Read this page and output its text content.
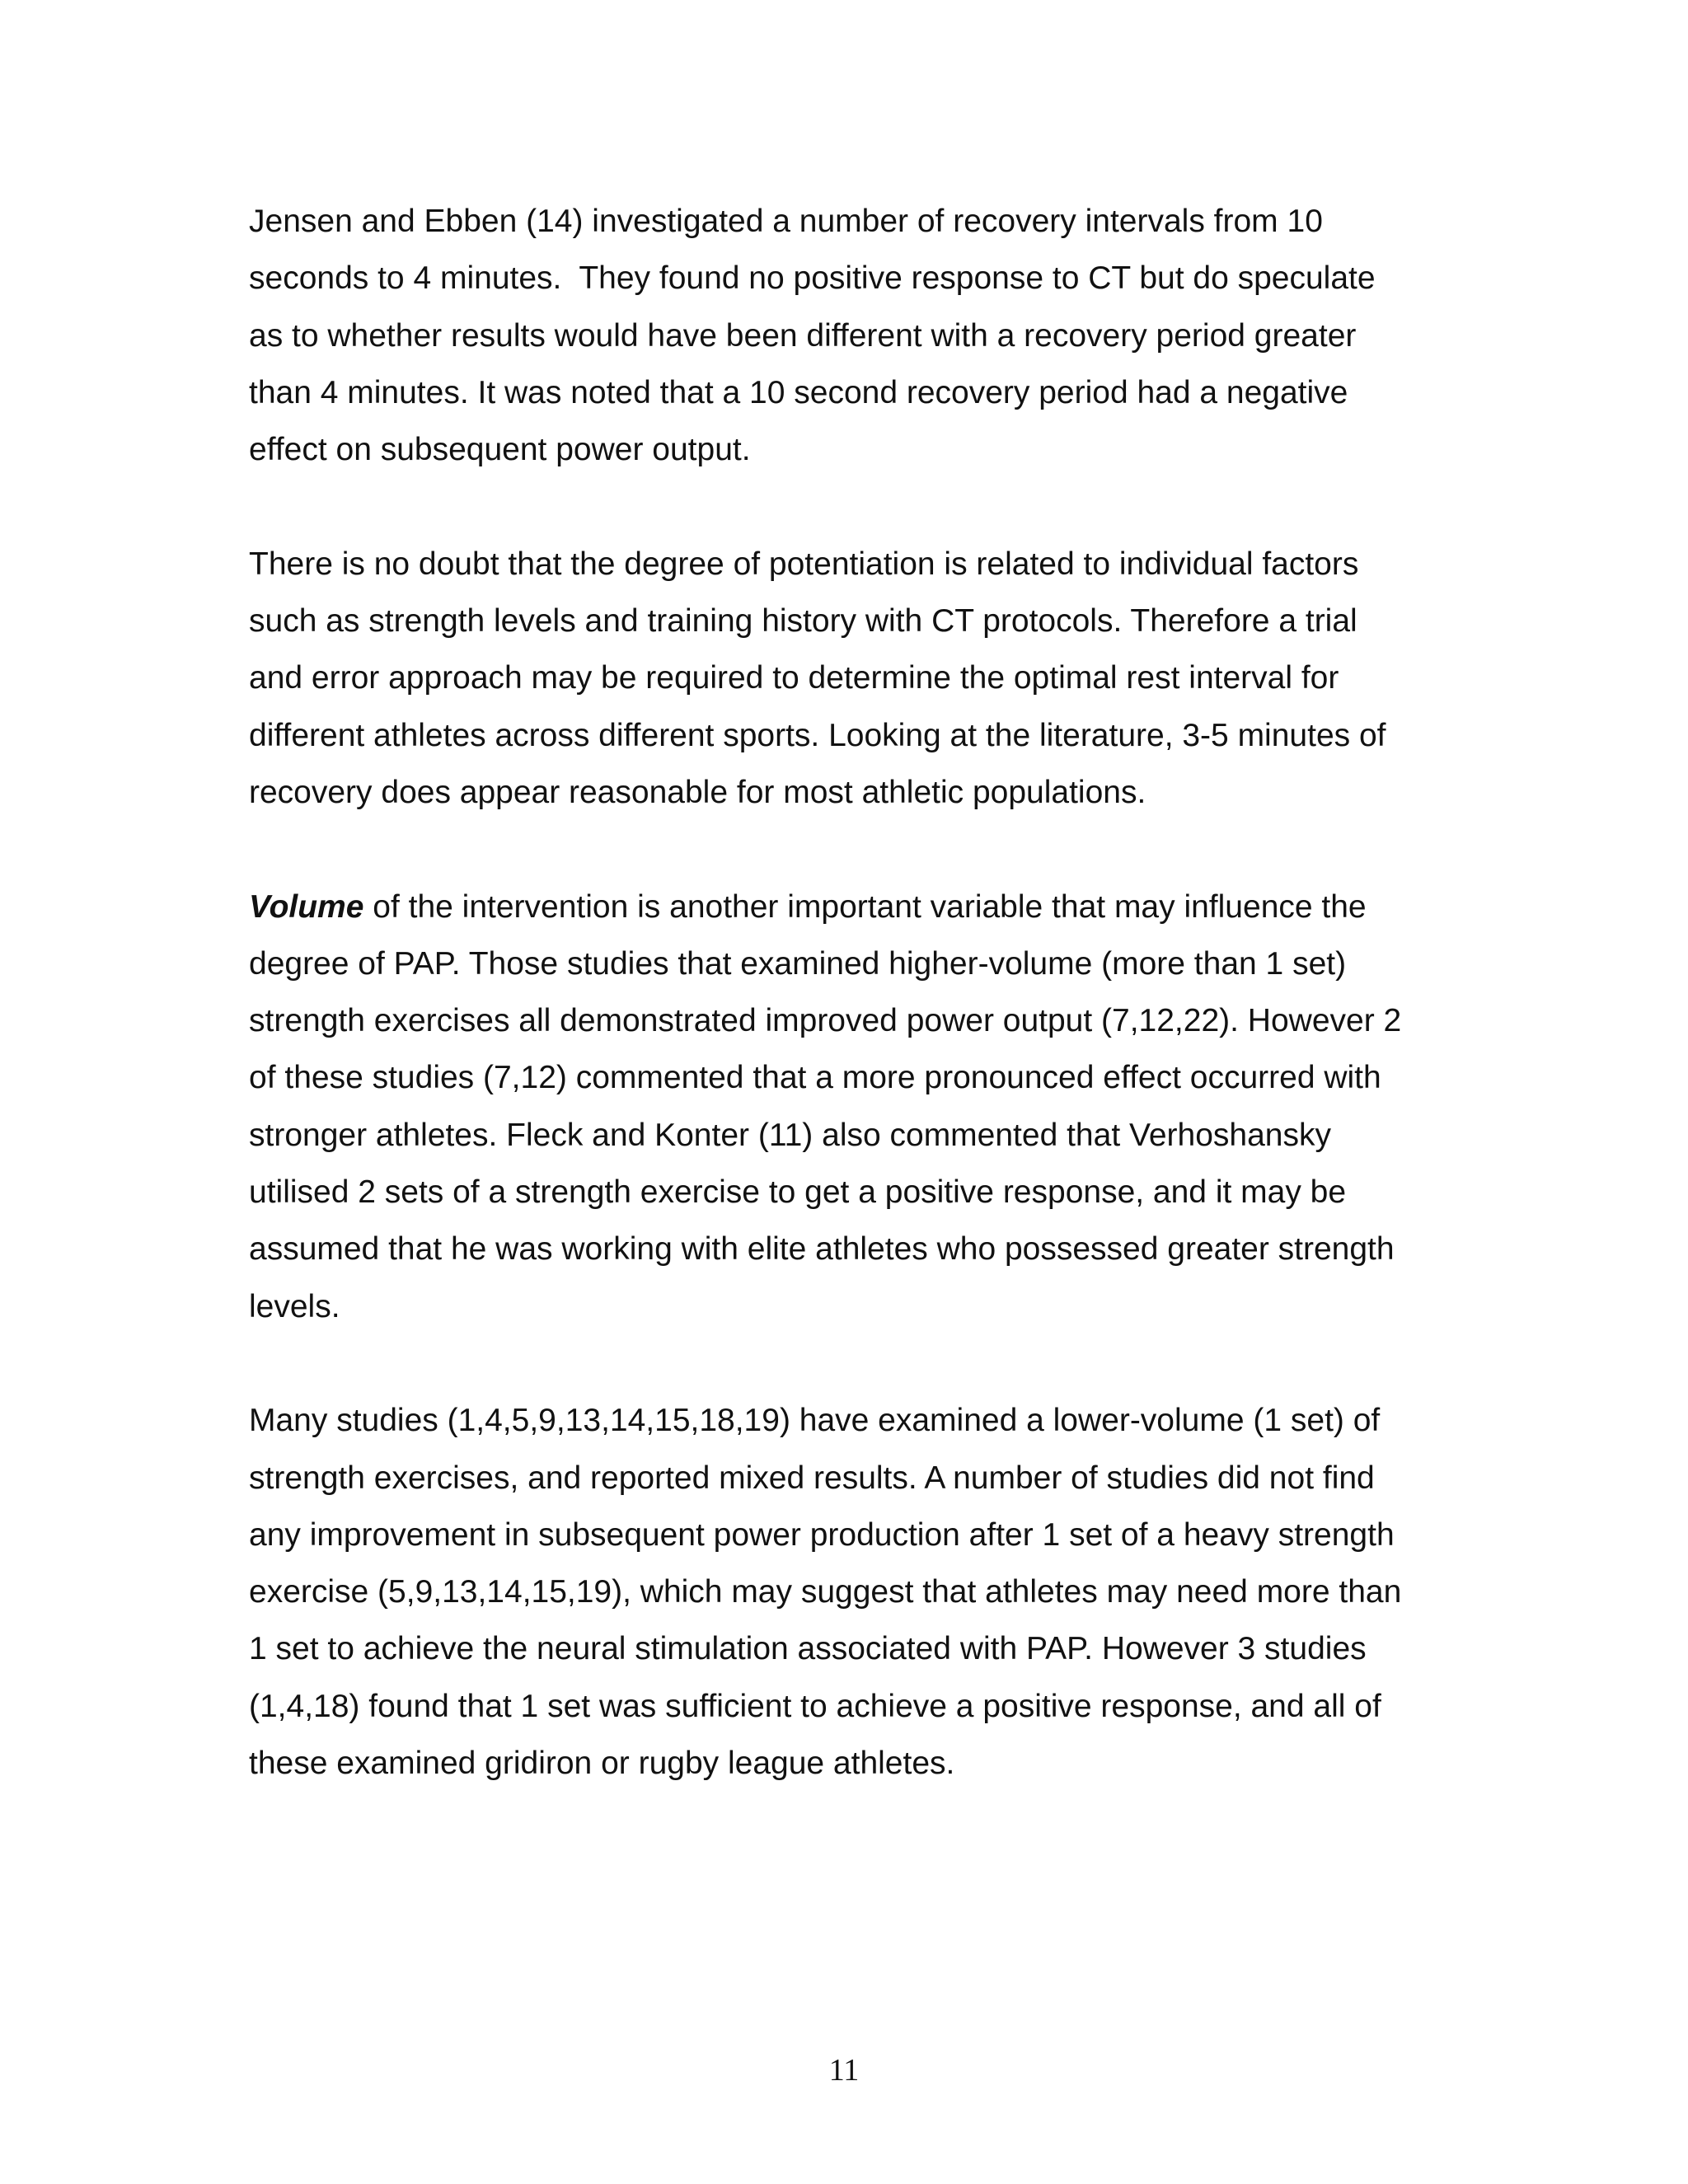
Jensen and Ebben (14) investigated a number of recovery intervals from 10
seconds to 4 minutes.  They found no positive response to CT but do speculate
as to whether results would have been different with a recovery period greater
than 4 minutes. It was noted that a 10 second recovery period had a negative
effect on subsequent power output.

There is no doubt that the degree of potentiation is related to individual factors
such as strength levels and training history with CT protocols. Therefore a trial
and error approach may be required to determine the optimal rest interval for
different athletes across different sports. Looking at the literature, 3-5 minutes of
recovery does appear reasonable for most athletic populations.

Volume of the intervention is another important variable that may influence the
degree of PAP. Those studies that examined higher-volume (more than 1 set)
strength exercises all demonstrated improved power output (7,12,22). However 2
of these studies (7,12) commented that a more pronounced effect occurred with
stronger athletes. Fleck and Konter (11) also commented that Verhoshansky
utilised 2 sets of a strength exercise to get a positive response, and it may be
assumed that he was working with elite athletes who possessed greater strength
levels.

Many studies (1,4,5,9,13,14,15,18,19) have examined a lower-volume (1 set) of
strength exercises, and reported mixed results. A number of studies did not find
any improvement in subsequent power production after 1 set of a heavy strength
exercise (5,9,13,14,15,19), which may suggest that athletes may need more than
1 set to achieve the neural stimulation associated with PAP. However 3 studies
(1,4,18) found that 1 set was sufficient to achieve a positive response, and all of
these examined gridiron or rugby league athletes.

11
